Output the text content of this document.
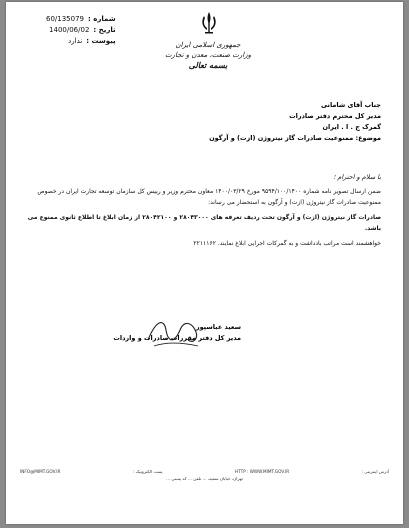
شماره :
60/135079
تاریخ :
1400/06/02
پیوست :
ندارد	جمهوری اسلامی ایران
وزارت صنعت، معدن و تجارت
بسمه تعالی
جناب آقای شامانی
مدیر کل محترم دفتر صادرات
گمرک ج . ا . ایران
موضوع: ممنوعیت صادرات گاز نیتروژن (ازت) و آرگون

با سلام و احترام ؛

ضمن ارسال تصویر نامه شماره ۹۵۹۴/۱۰۰/۱۴۰۰ مورخ ۱۴۰۰/۰۳/۲۹ معاون محترم وزیر و رییس کل سازمان توسعه تجارت ایران در خصوص ممنوعیت صادرات گاز نیتروژن (ازت) و آرگون به استحضار می رساند:

صادرات گاز نیتروژن (ازت) و آرگون تحت ردیف تعرفه های ۲۸۰۴۳۰۰۰ و ۲۸۰۴۲۱۰۰ از زمان ابلاغ تا اطلاع ثانوی ممنوع می باشد.

خواهشمند است مراتب بادداشت و به گمرکات اجرایی ابلاغ نمایند. ۲۲۱۱۱۶۲

سعید عباسپور
مدیر کل دفتر مقررات صادرات و واردات
آدرس اینترنتی :
HTTP : WWW.MIMT.GOV.IR
پست الکترونیک :
INFO@MIMT.GOV.IR
تهران، خیابان سمیه، ... تلفن ... کد پستی ...
